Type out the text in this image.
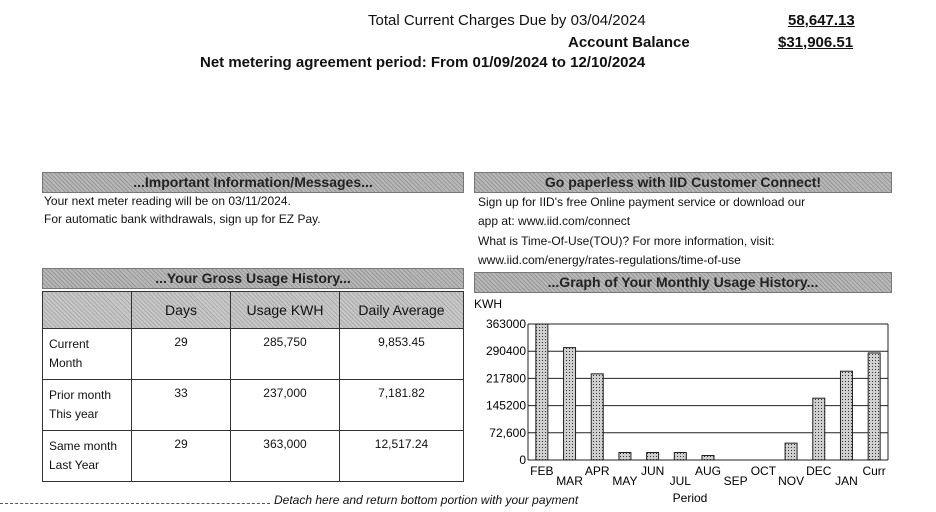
Total Current Charges Due by 03/04/2024	58,647.13
Account Balance	$31,906.51
Net metering agreement period: From 01/09/2024 to 12/10/2024
...Important Information/Messages...
Your next meter reading will be on 03/11/2024.
For automatic bank withdrawals, sign up for EZ Pay.
Go paperless with IID Customer Connect!
Sign up for IID's free Online payment service or download our
app at: www.iid.com/connect
What is Time-Of-Use(TOU)? For more information, visit:
www.iid.com/energy/rates-regulations/time-of-use
...Your Gross Usage History...
	Days	Usage KWH	Daily Average
Current
Month	29	285,750	9,853.45
Prior month
This year	33	237,000	7,181.82
Same month
Last Year	29	363,000	12,517.24
...Graph of Your Monthly Usage History...
KWH
363000
290400
217800
145200
72,600
0
FEB
MAR
APR
MAY
JUN
JUL
AUG
SEP
OCT
NOV
DEC
JAN
Curr
Period
Detach here and return bottom portion with your payment
